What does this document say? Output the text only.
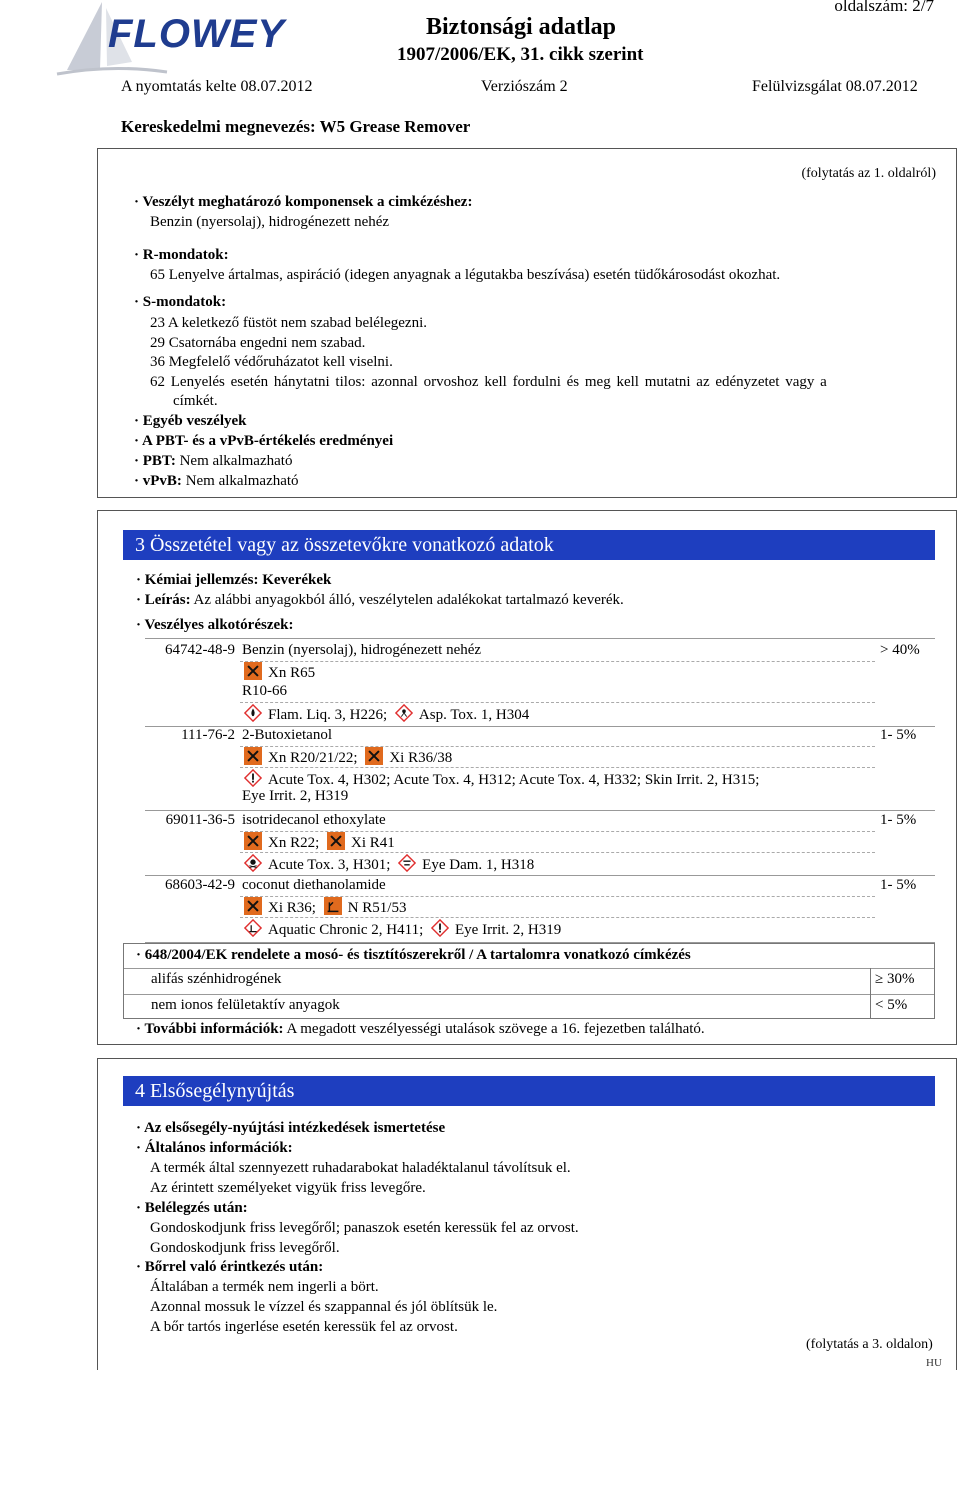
FLOWEY	Biztonsági adatlap
1907/2006/EK, 31. cikk szerint
oldalszám: 2/7
A nyomtatás kelte 08.07.2012	Verziószám 2	Felülvizsgálat 08.07.2012
Kereskedelmi megnevezés: W5 Grease Remover
(folytatás az 1. oldalról)
· Veszélyt meghatározó komponensek a cimkézéshez:
Benzin (nyersolaj), hidrogénezett nehéz
· R-mondatok:
65 Lenyelve ártalmas, aspiráció (idegen anyagnak a légutakba beszívása) esetén tüdőkárosodást okozhat.
· S-mondatok:
23 A keletkező füstöt nem szabad belélegezni.
29 Csatornába engedni nem szabad.
36 Megfelelő védőruházatot kell viselni.
62 Lenyelés esetén hánytatni tilos: azonnal orvoshoz kell fordulni és meg kell mutatni az edényzetet vagy a
címkét.
· Egyéb veszélyek
· A PBT- és a vPvB-értékelés eredményei
· PBT: Nem alkalmazható
· vPvB: Nem alkalmazható
3 Összetétel vagy az összetevőkre vonatkozó adatok
· Kémiai jellemzés: Keverékek
· Leírás: Az alábbi anyagokból álló, veszélytelen adalékokat tartalmazó keverék.
· Veszélyes alkotórészek:
64742-48-9 Benzin (nyersolaj), hidrogénezett nehéz	> 40%
Xn R65
R10-66
Flam. Liq. 3, H226; Asp. Tox. 1, H304
111-76-2 2-Butoxietanol	1- 5%
Xn R20/21/22; Xi R36/38
Acute Tox. 4, H302; Acute Tox. 4, H312; Acute Tox. 4, H332; Skin Irrit. 2, H315;
Eye Irrit. 2, H319
69011-36-5 isotridecanol ethoxylate	1- 5%
Xn R22; Xi R41
Acute Tox. 3, H301; Eye Dam. 1, H318
68603-42-9 coconut diethanolamide	1- 5%
Xi R36; N R51/53
Aquatic Chronic 2, H411; Eye Irrit. 2, H319
· 648/2004/EK rendelete a mosó- és tisztítószerekről / A tartalomra vonatkozó címkézés
alifás szénhidrogének	≥ 30%
nem ionos felületaktív anyagok	< 5%
· További információk: A megadott veszélyességi utalások szövege a 16. fejezetben található.
4 Elsősegélynyújtás
· Az elsősegély-nyújtási intézkedések ismertetése
· Általános információk:
A termék által szennyezett ruhadarabokat haladéktalanul távolítsuk el.
Az érintett személyeket vigyük friss levegőre.
· Belélegzés után:
Gondoskodjunk friss levegőről; panaszok esetén keressük fel az orvost.
Gondoskodjunk friss levegőről.
· Bőrrel való érintkezés után:
Általában a termék nem ingerli a bört.
Azonnal mossuk le vízzel és szappannal és jól öblítsük le.
A bőr tartós ingerlése esetén keressük fel az orvost.
(folytatás a 3. oldalon)
HU
